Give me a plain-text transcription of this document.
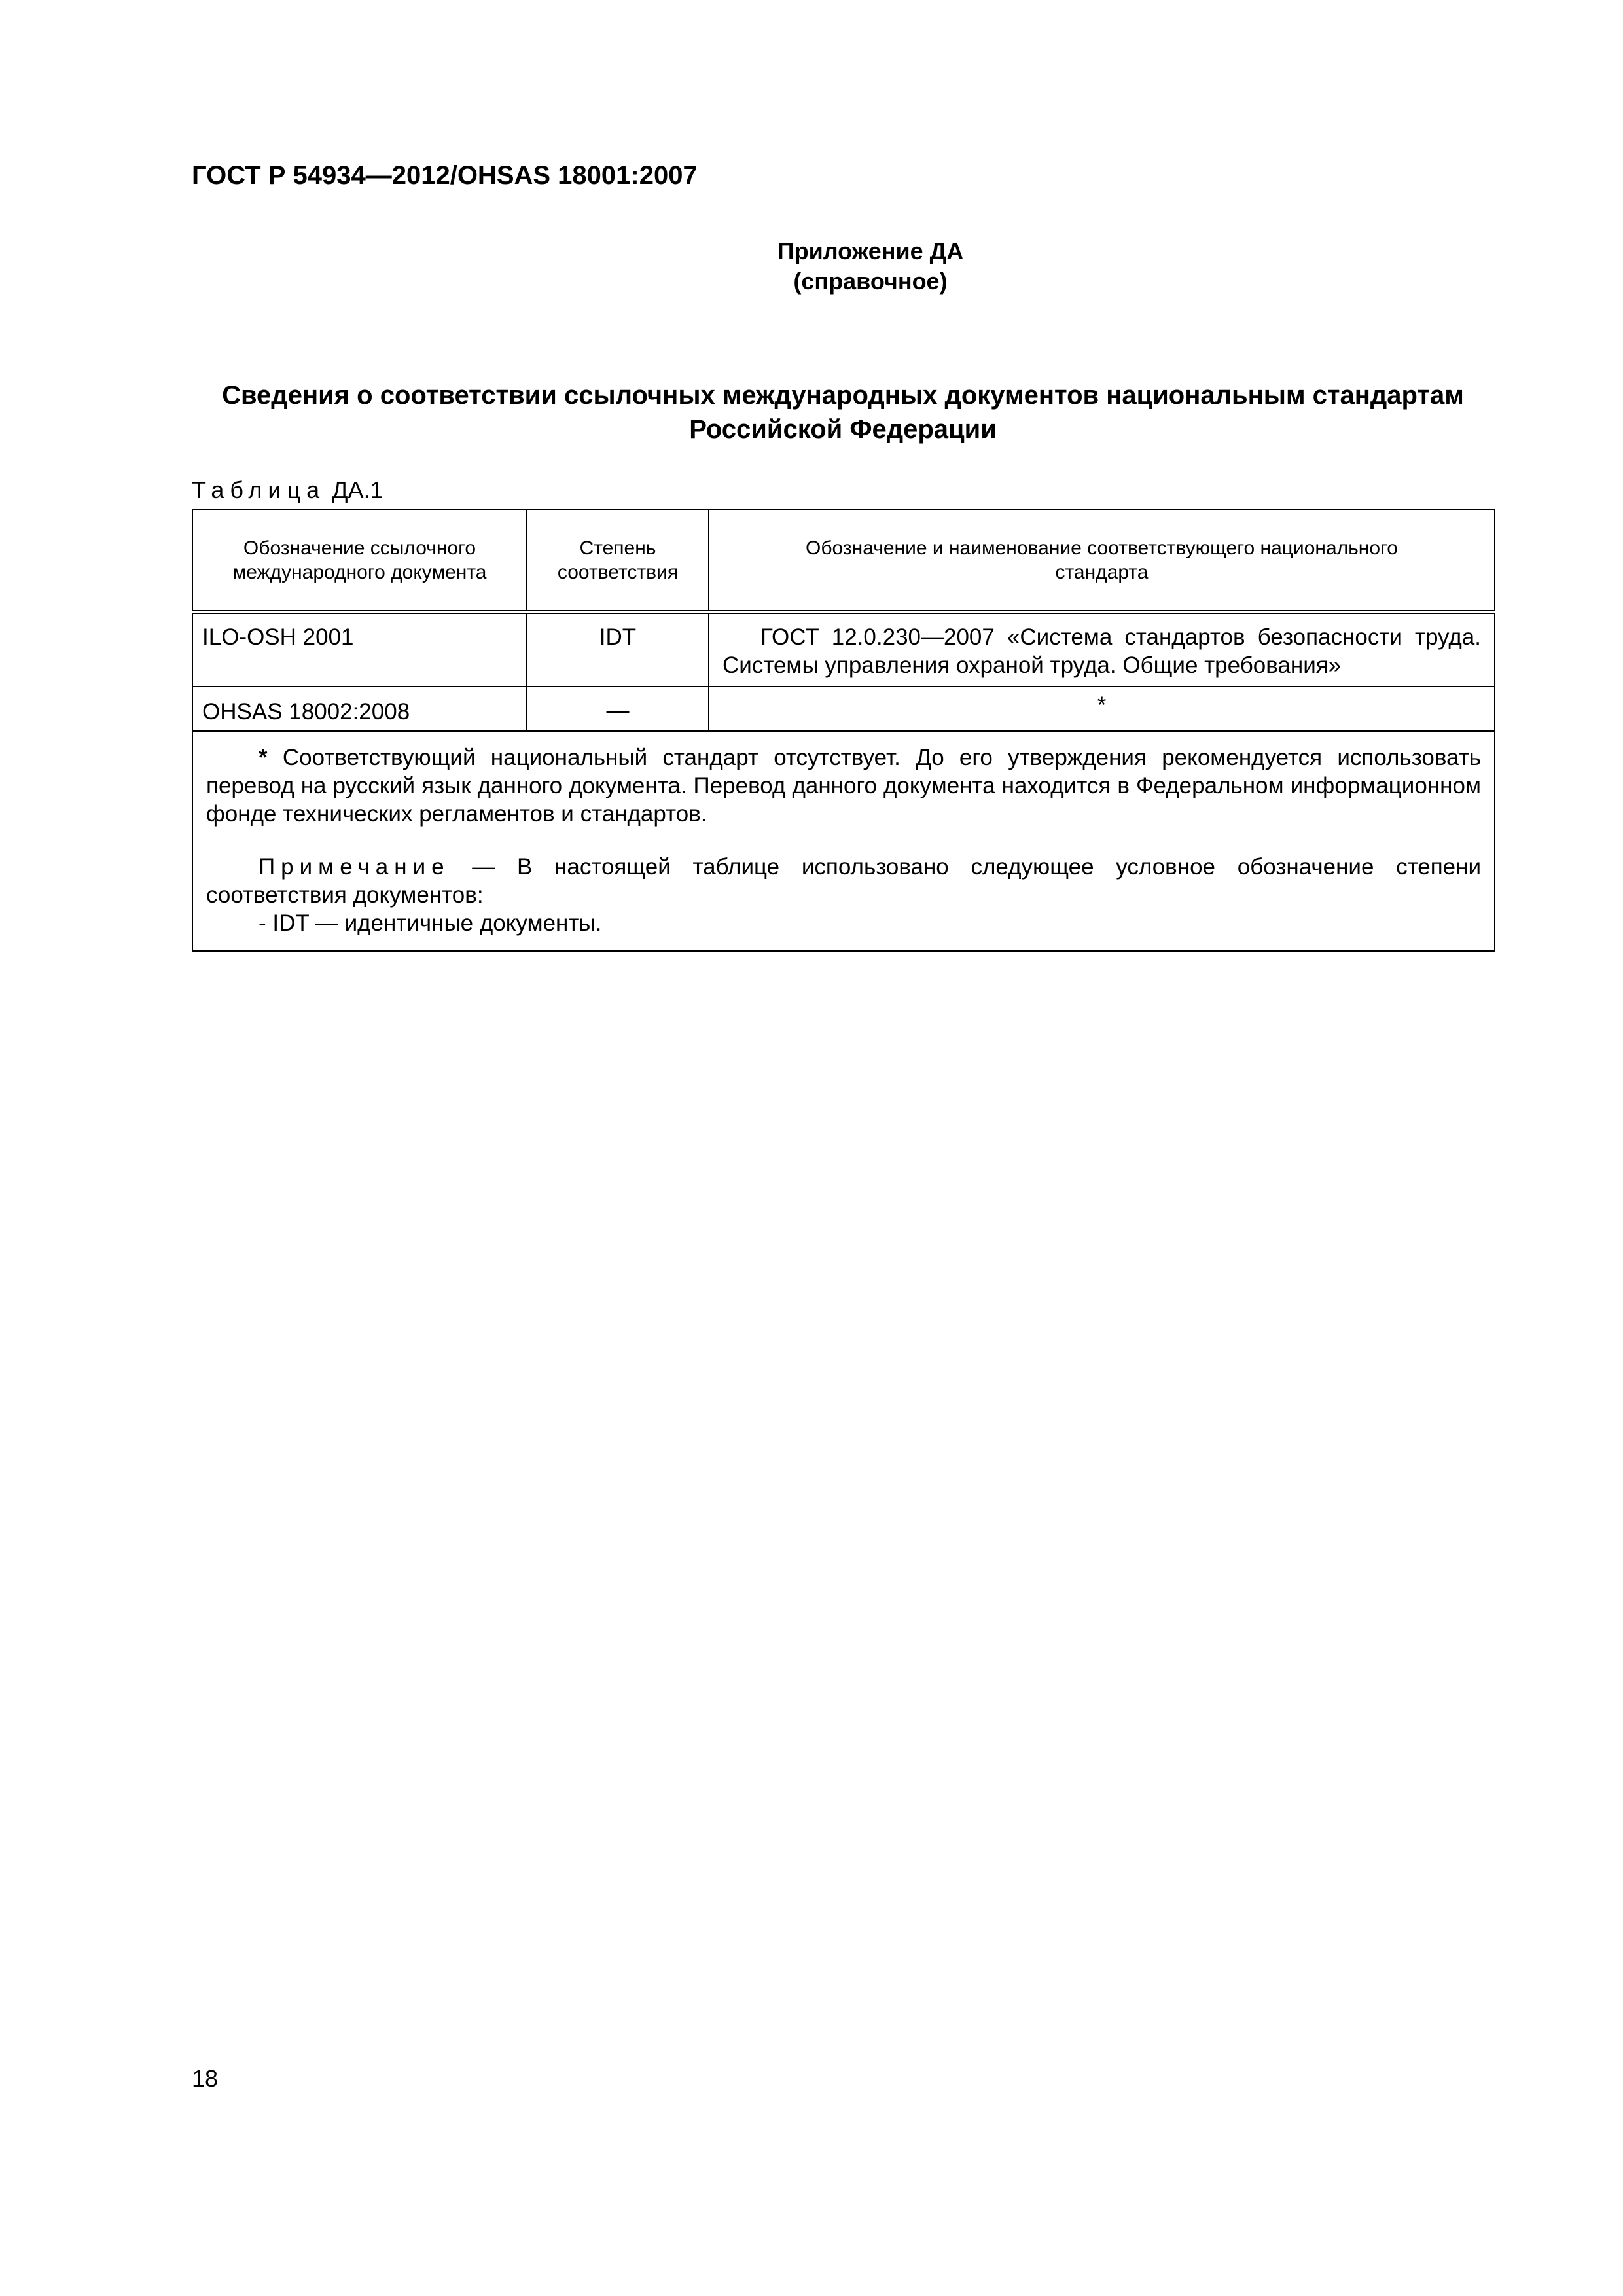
ГОСТ Р 54934—2012/OHSAS 18001:2007
Приложение ДА
(справочное)
Сведения о соответствии ссылочных международных документов национальным стандартам
Российской Федерации
Таблица ДА.1
Обозначение ссылочного международного документа	Степень соответствия	Обозначение и наименование соответствующего национального стандарта
ILO-OSH 2001	IDT	ГОСТ 12.0.230—2007 «Система стандартов безопасности труда. Системы управления охраной труда. Общие требования»
OHSAS 18002:2008	—	*

* Соответствующий национальный стандарт отсутствует. До его утверждения рекомендуется использовать перевод на русский язык данного документа. Перевод данного документа находится в Федеральном информационном фонде технических регламентов и стандартов.

Примечание — В настоящей таблице использовано следующее условное обозначение степени соответствия документов:

- IDT — идентичные документы.		

18
